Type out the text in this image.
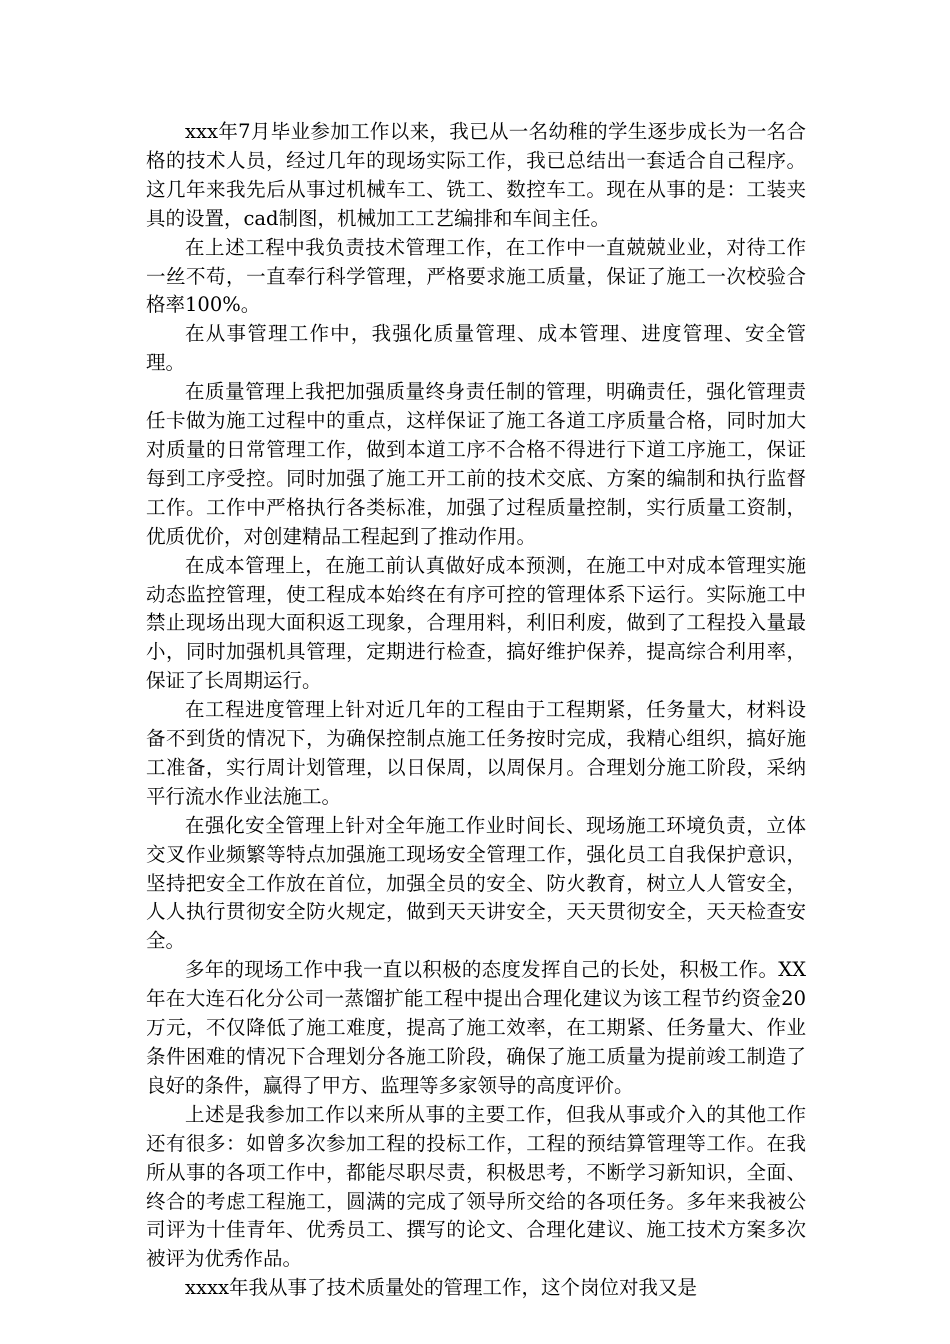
xxx年7月毕业参加工作以来，我已从一名幼稚的学生逐步成长为一名合格的技术人员，经过几年的现场实际工作，我已总结出一套适合自己程序。这几年来我先后从事过机械车工、铣工、数控车工。现在从事的是：工装夹具的设置，cad制图，机械加工工艺编排和车间主任。

在上述工程中我负责技术管理工作，在工作中一直兢兢业业，对待工作一丝不苟，一直奉行科学管理，严格要求施工质量，保证了施工一次校验合格率100%。

在从事管理工作中，我强化质量管理、成本管理、进度管理、安全管理。

在质量管理上我把加强质量终身责任制的管理，明确责任，强化管理责任卡做为施工过程中的重点，这样保证了施工各道工序质量合格，同时加大对质量的日常管理工作，做到本道工序不合格不得进行下道工序施工，保证每到工序受控。同时加强了施工开工前的技术交底、方案的编制和执行监督工作。工作中严格执行各类标准，加强了过程质量控制，实行质量工资制，优质优价，对创建精品工程起到了推动作用。

在成本管理上，在施工前认真做好成本预测，在施工中对成本管理实施动态监控管理，使工程成本始终在有序可控的管理体系下运行。实际施工中禁止现场出现大面积返工现象，合理用料，利旧利废，做到了工程投入量最小，同时加强机具管理，定期进行检查，搞好维护保养，提高综合利用率，保证了长周期运行。

在工程进度管理上针对近几年的工程由于工程期紧，任务量大，材料设备不到货的情况下，为确保控制点施工任务按时完成，我精心组织，搞好施工准备，实行周计划管理，以日保周，以周保月。合理划分施工阶段，采纳平行流水作业法施工。

在强化安全管理上针对全年施工作业时间长、现场施工环境负责，立体交叉作业频繁等特点加强施工现场安全管理工作，强化员工自我保护意识，坚持把安全工作放在首位，加强全员的安全、防火教育，树立人人管安全，人人执行贯彻安全防火规定，做到天天讲安全，天天贯彻安全，天天检查安全。

多年的现场工作中我一直以积极的态度发挥自己的长处，积极工作。XX年在大连石化分公司一蒸馏扩能工程中提出合理化建议为该工程节约资金20万元，不仅降低了施工难度，提高了施工效率，在工期紧、任务量大、作业条件困难的情况下合理划分各施工阶段，确保了施工质量为提前竣工制造了良好的条件，赢得了甲方、监理等多家领导的高度评价。

上述是我参加工作以来所从事的主要工作，但我从事或介入的其他工作还有很多：如曾多次参加工程的投标工作，工程的预结算管理等工作。在我所从事的各项工作中，都能尽职尽责，积极思考，不断学习新知识，全面、终合的考虑工程施工，圆满的完成了领导所交给的各项任务。多年来我被公司评为十佳青年、优秀员工、撰写的论文、合理化建议、施工技术方案多次被评为优秀作品。

xxxx年我从事了技术质量处的管理工作，这个岗位对我又是
